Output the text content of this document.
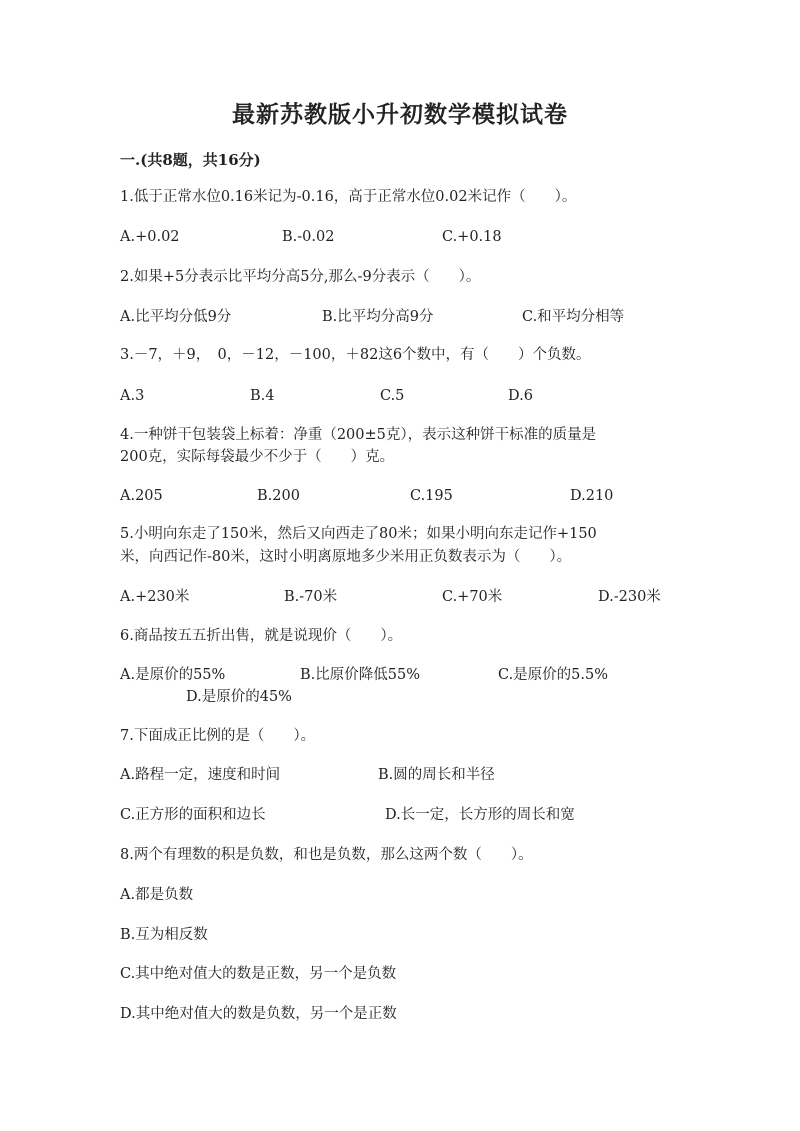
最新苏教版小升初数学模拟试卷
一.(共8题，共16分)
1.低于正常水位0.16米记为-0.16，高于正常水位0.02米记作（　　）。
A.+0.02	B.-0.02	C.+0.18
2.如果+5分表示比平均分高5分,那么-9分表示（　　）。
A.比平均分低9分	B.比平均分高9分	C.和平均分相等
3.－7，＋9，　0，－12，－100，＋82这6个数中，有（　　）个负数。
A.3	B.4	C.5	D.6
4.一种饼干包装袋上标着：净重（200±5克），表示这种饼干标准的质量是
200克，实际每袋最少不少于（　　）克。
A.205	B.200	C.195	D.210
5.小明向东走了150米，然后又向西走了80米；如果小明向东走记作+150
米，向西记作-80米，这时小明离原地多少米用正负数表示为（　　）。
A.+230米	B.-70米	C.+70米	D.-230米
6.商品按五五折出售，就是说现价（　　）。
A.是原价的55%	B.比原价降低55%	C.是原价的5.5%
D.是原价的45%
7.下面成正比例的是（　　）。
A.路程一定，速度和时间	B.圆的周长和半径
C.正方形的面积和边长	D.长一定，长方形的周长和宽
8.两个有理数的积是负数，和也是负数，那么这两个数（　　）。
A.都是负数
B.互为相反数
C.其中绝对值大的数是正数，另一个是负数
D.其中绝对值大的数是负数，另一个是正数
